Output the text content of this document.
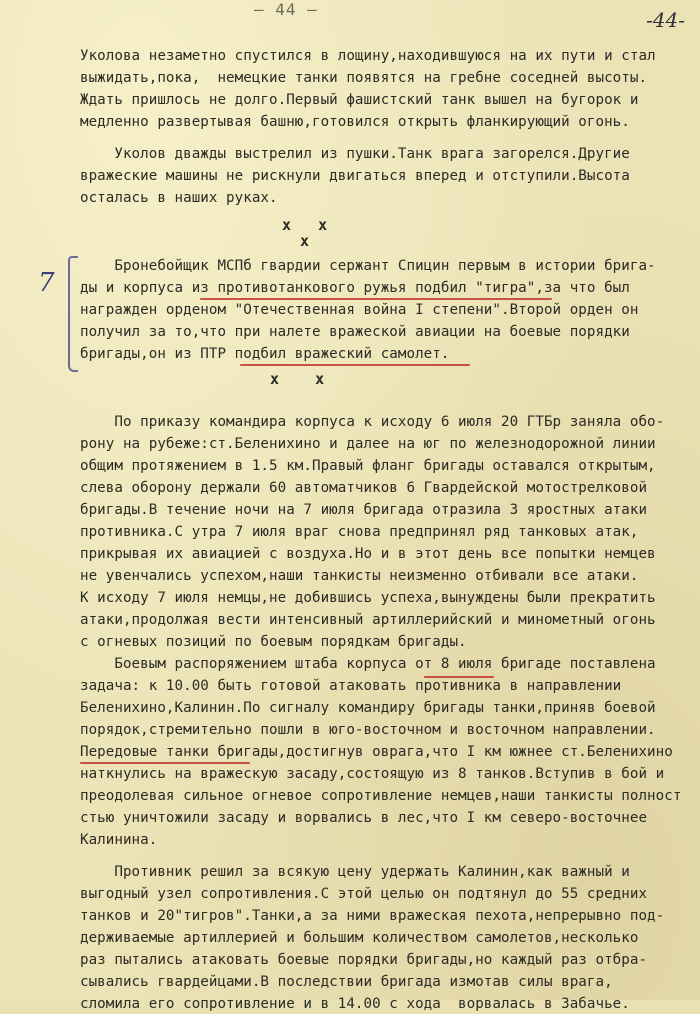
— 44 —	-44-
7
Уколова незаметно спустился в лощину,находившуюся на их пути и стал
выжидать,пока,  немецкие танки появятся на гребне соседней высоты.
Ждать пришлось не долго.Первый фашистский танк вышел на бугорок и
медленно развертывая башню,готовился открыть фланкирующий огонь.
Уколов дважды выстрелил из пушки.Танк врага загорелся.Другие
вражеские машины не рискнули двигаться вперед и отступили.Высота
осталась в наших руках.
x   x
x
Бронебойщик МСПб гвардии сержант Спицин первым в истории брига-
ды и корпуса из противотанкового ружья подбил "тигра",за что был
награжден орденом "Отечественная война I степени".Второй орден он
получил за то,что при налете вражеской авиации на боевые порядки
бригады,он из ПТР подбил вражеский самолет.
x    x
По приказу командира корпуса к исходу 6 июля 20 ГТБр заняла обо-
рону на рубеже:ст.Беленихино и далее на юг по железнодорожной линии
общим протяжением в 1.5 км.Правый фланг бригады оставался открытым,
слева оборону держали 60 автоматчиков 6 Гвардейской мотострелковой
бригады.В течение ночи на 7 июля бригада отразила 3 яростных атаки
противника.С утра 7 июля враг снова предпринял ряд танковых атак,
прикрывая их авиацией с воздуха.Но и в этот день все попытки немцев
не увенчались успехом,наши танкисты неизменно отбивали все атаки.
К исходу 7 июля немцы,не добившись успеха,вынуждены были прекратить
атаки,продолжая вести интенсивный артиллерийский и минометный огонь
с огневых позиций по боевым порядкам бригады.
Боевым распоряжением штаба корпуса от 8 июля бригаде поставлена
задача: к 10.00 быть готовой атаковать противника в направлении
Беленихино,Калинин.По сигналу командиру бригады танки,приняв боевой
порядок,стремительно пошли в юго-восточном и восточном направлении.
Передовые танки бригады,достигнув оврага,что I км южнее ст.Беленихино
наткнулись на вражескую засаду,состоящую из 8 танков.Вступив в бой и
преодолевая сильное огневое сопротивление немцев,наши танкисты полност
стью уничтожили засаду и ворвались в лес,что I км северо-восточнее
Калинина.
Противник решил за всякую цену удержать Калинин,как важный и
выгодный узел сопротивления.С этой целью он подтянул до 55 средних
танков и 20"тигров".Танки,а за ними вражеская пехота,непрерывно под-
держиваемые артиллерией и большим количеством самолетов,несколько
раз пытались атаковать боевые порядки бригады,но каждый раз отбра-
сывались гвардейцами.В последствии бригада измотав силы врага,
сломила его сопротивление и в 14.00 с хода  ворвалась в Забачье.
